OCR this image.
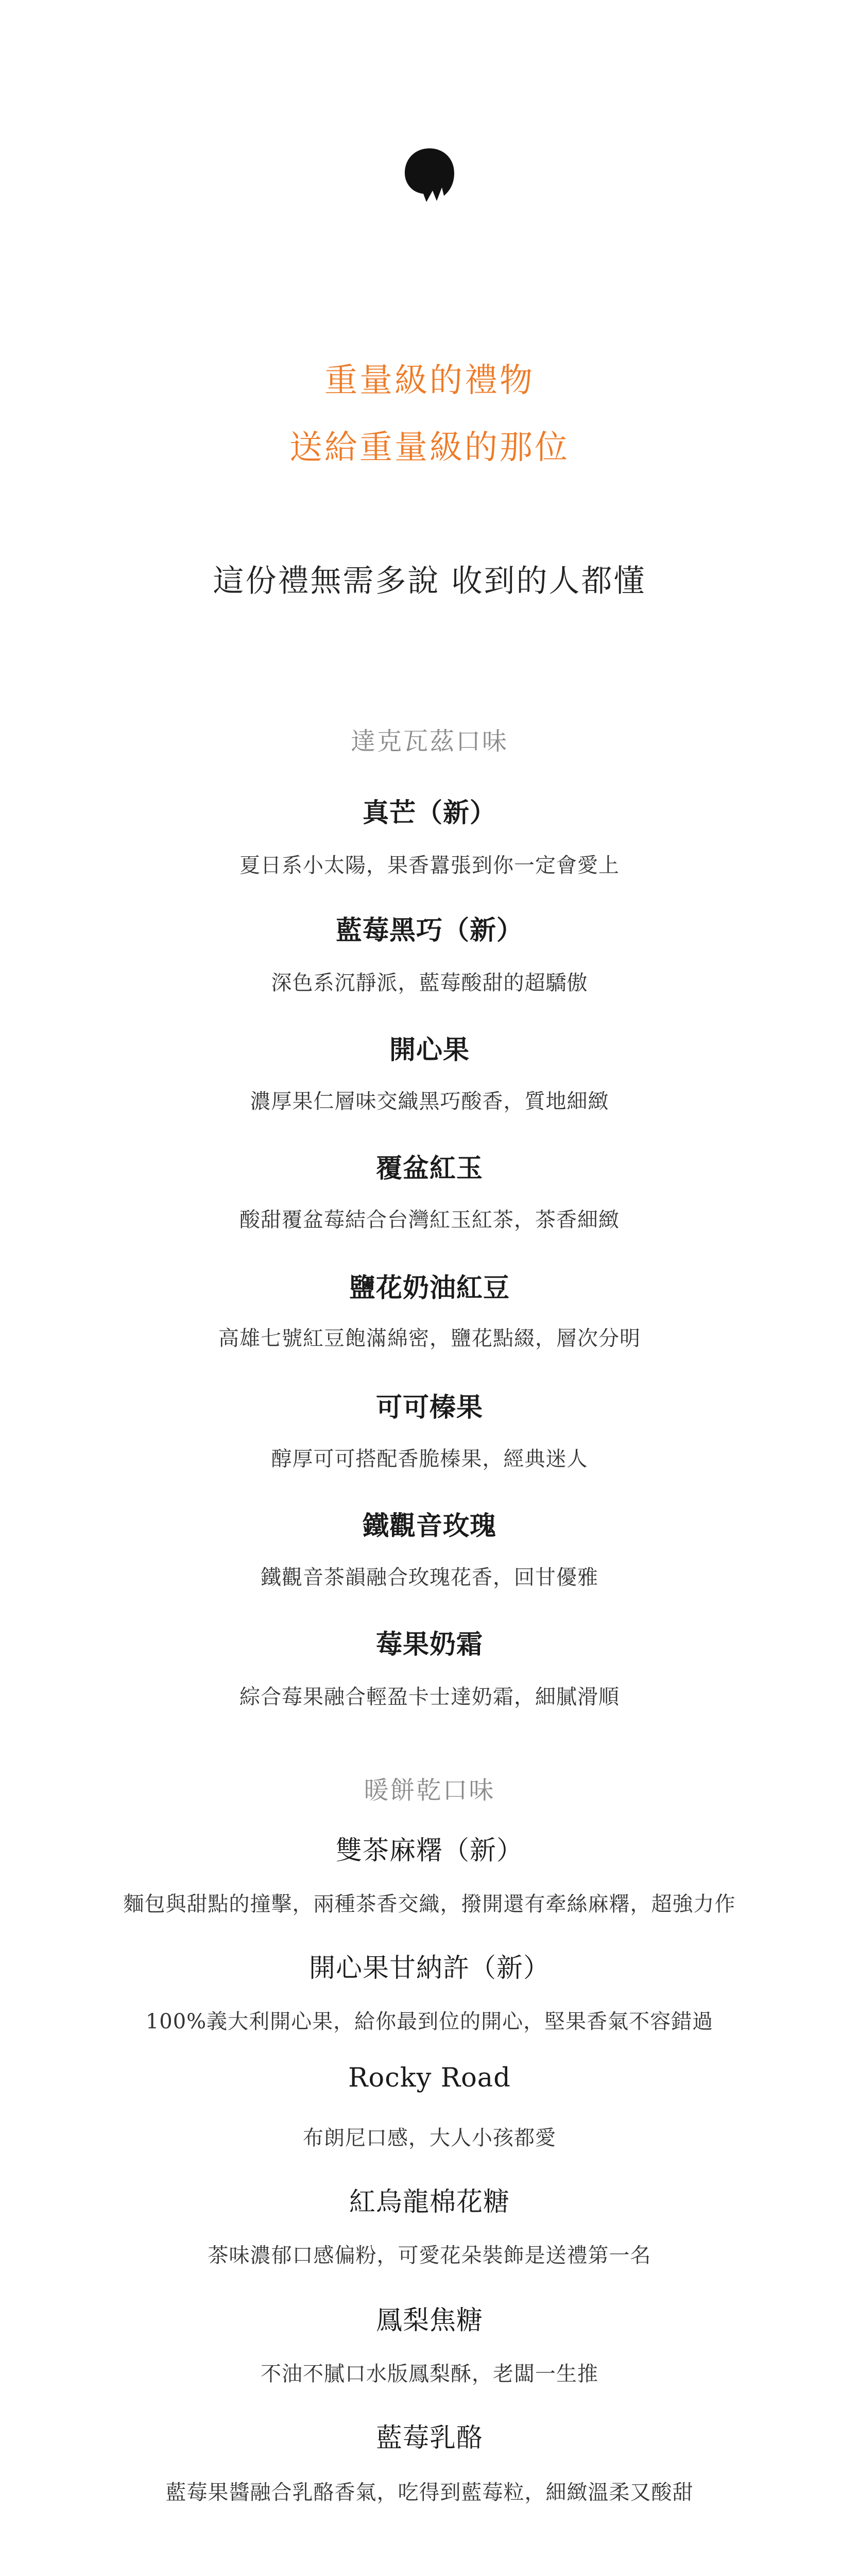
重量級的禮物
送給重量級的那位
這份禮無需多說 收到的人都懂
達克瓦茲口味
真芒（新）
夏日系小太陽，果香囂張到你一定會愛上
藍莓黑巧（新）
深色系沉靜派，藍莓酸甜的超驕傲
開心果
濃厚果仁層味交織黑巧酸香，質地細緻
覆盆紅玉
酸甜覆盆莓結合台灣紅玉紅茶，茶香細緻
鹽花奶油紅豆
高雄七號紅豆飽滿綿密，鹽花點綴，層次分明
可可榛果
醇厚可可搭配香脆榛果，經典迷人
鐵觀音玫瑰
鐵觀音茶韻融合玫瑰花香，回甘優雅
莓果奶霜
綜合莓果融合輕盈卡士達奶霜，細膩滑順
暖餅乾口味
雙茶麻糬（新）
麵包與甜點的撞擊，兩種茶香交織，撥開還有牽絲麻糬，超強力作
開心果甘納許（新）
100%義大利開心果，給你最到位的開心，堅果香氣不容錯過
Rocky Road
布朗尼口感，大人小孩都愛
紅烏龍棉花糖
茶味濃郁口感偏粉，可愛花朵裝飾是送禮第一名
鳳梨焦糖
不油不膩口水版鳳梨酥，老闆一生推
藍莓乳酪
藍莓果醬融合乳酪香氣，吃得到藍莓粒，細緻溫柔又酸甜
